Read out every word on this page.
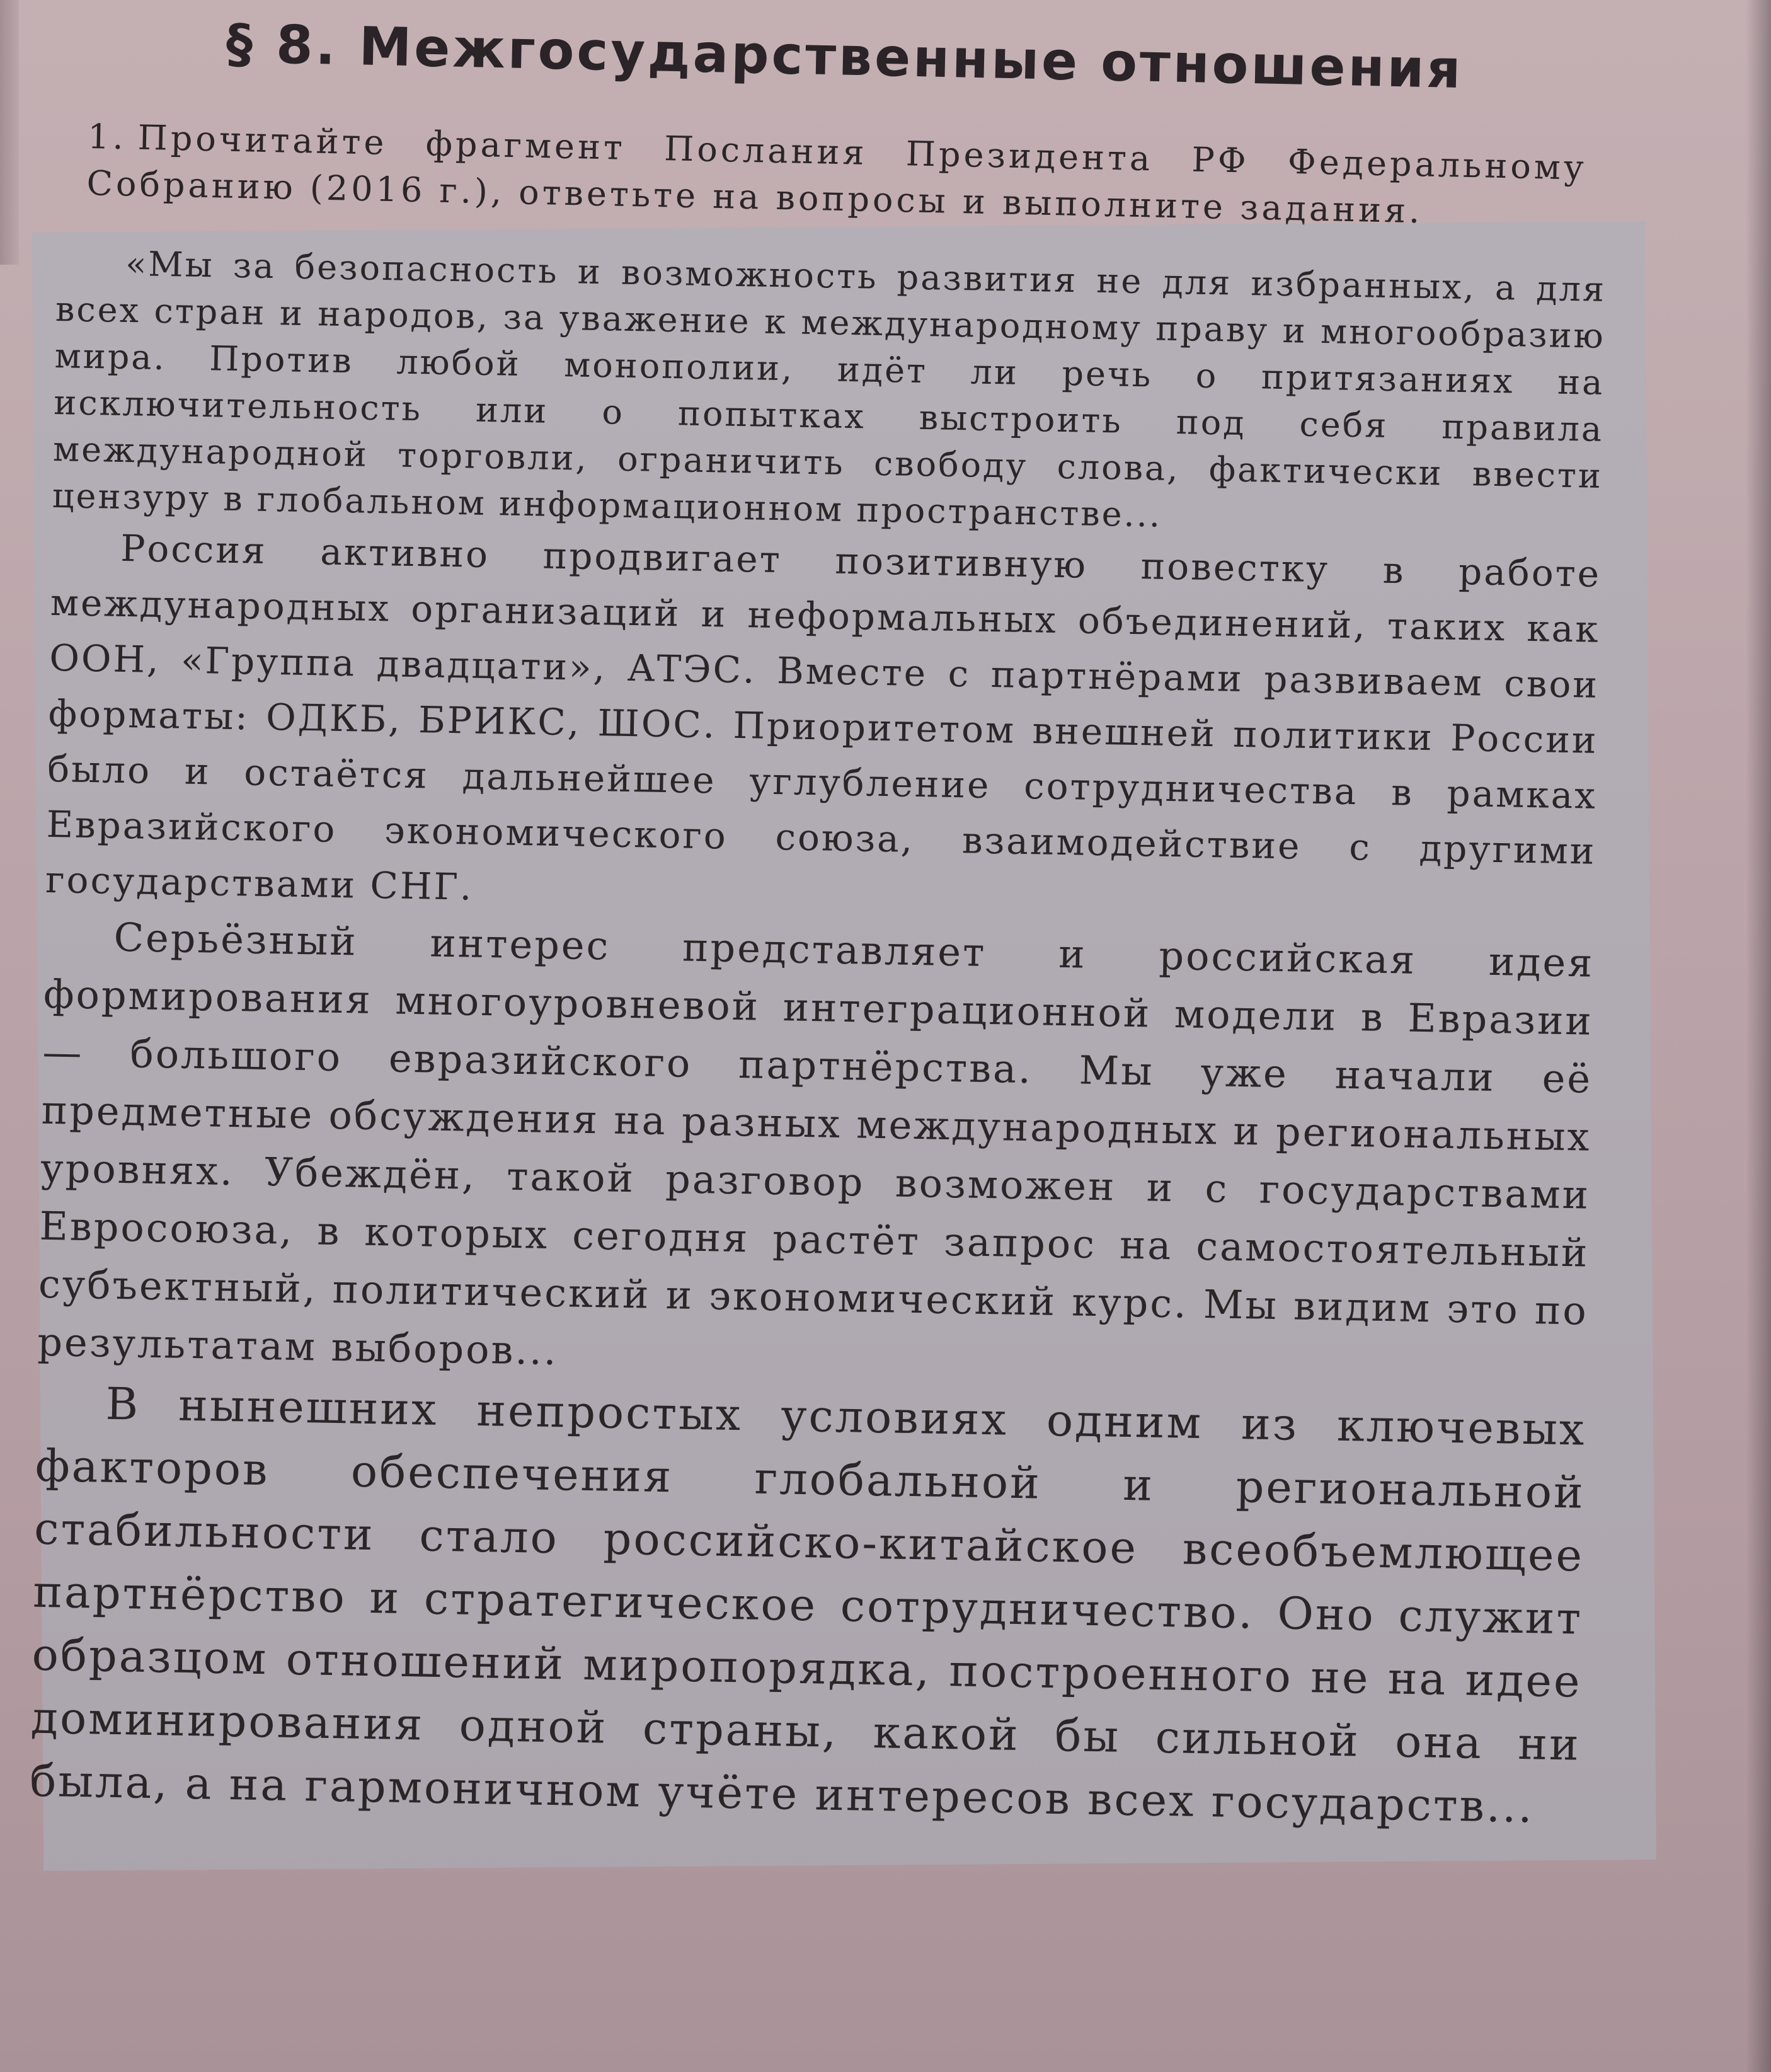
§ 8. Межгосударственные отношения
1. Прочитайте фрагмент Послания Президента РФ Федеральному Собранию (2016 г.), ответьте на вопросы и выполните задания.

«Мы за безопасность и возможность развития не для избранных, а для всех стран и народов, за уважение к международному праву и многообразию мира. Против любой монополии, идёт ли речь о притязаниях на исключительность или о попытках выстроить под себя правила международной торговли, ограничить свободу слова, фактически ввести цензуру в глобальном информационном пространстве...

Россия активно продвигает позитивную повестку в работе международных организаций и неформальных объединений, таких как ООН, «Группа двадцати», АТЭС. Вместе с партнёрами развиваем свои форматы: ОДКБ, БРИКС, ШОС. Приоритетом внешней политики России было и остаётся дальнейшее углубление сотрудничества в рамках Евразийского экономического союза, взаимодействие с другими государствами СНГ.

Серьёзный интерес представляет и российская идея формирования многоуровневой интеграционной модели в Евразии — большого евразийского партнёрства. Мы уже начали её предметные обсуждения на разных международных и региональных уровнях. Убеждён, такой разговор возможен и с государствами Евросоюза, в которых сегодня растёт запрос на самостоятельный субъектный, политический и экономический курс. Мы видим это по результатам выборов...

В нынешних непростых условиях одним из ключевых факторов обеспечения глобальной и региональной стабильности стало российско-китайское всеобъемлющее партнёрство и стратегическое сотрудничество. Оно служит образцом отношений миропорядка, построенного не на идее доминирования одной страны, какой бы сильной она ни была, а на гармоничном учёте интересов всех государств...
